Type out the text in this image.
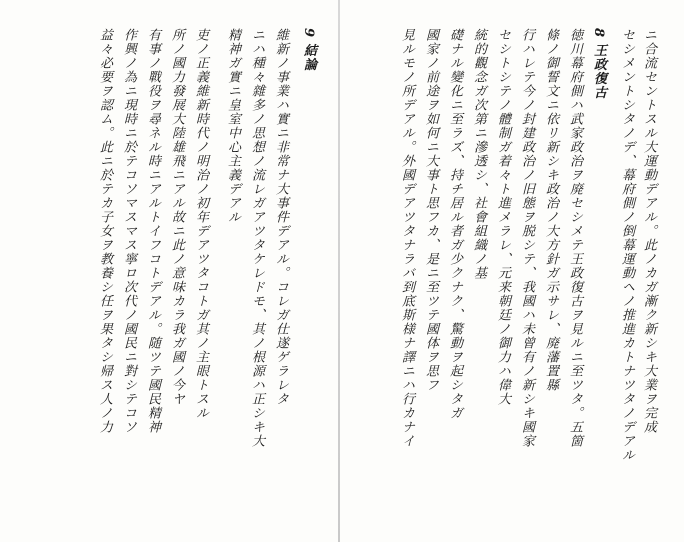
ニ合流セントスル大運動デアル。此ノカガ漸ク新シキ大業ヲ完成
セシメントシタノデ、幕府側ノ倒幕運動ヘノ推進カトナツタノデアル
8 王政復古
徳川幕府側ハ武家政治ヲ廃セシメテ王政復古ヲ見ルニ至ツタ。五箇
條ノ御誓文ニ依リ新シキ政治ノ大方針ガ示サレ、廃藩置縣
行ハレテ今ノ封建政治ノ旧態ヲ脱シテ、我國ハ未曾有ノ新シキ國家
セシトシテノ體制ガ着々ト進メラレ、元来朝廷ノ御力ハ偉大
統的觀念ガ次第ニ滲透シ、社會組織ノ基
礎ナル變化ニ至ラズ、持チ居ル者ガ少クナク、驚動ヲ起シタガ
國家ノ前途ヲ如何ニ大事ト思フカ、是ニ至ツテ國体ヲ思フ
見ルモノ所デアル。外國デアツタナラバ到底斯様ナ譯ニハ行カナイ
9 結論
維新ノ事業ハ實ニ非常ナ大事件デアル。コレガ仕遂ゲラレタ
ニハ種々雜多ノ思想ノ流レガアツタケレドモ、其ノ根源ハ正シキ大
精神ガ實ニ皇室中心主義デアル
吏ノ正義維新時代ノ明治ノ初年デアツタコトガ其ノ主眼トスル
所ノ國力發展大陸雄飛ニアル故ニ此ノ意味カラ我ガ國ノ今ヤ
有事ノ戰役ヲ尋ネル時ニアルトイフコトデアル。随ツテ國民精神
作興ノ為ニ現時ニ於テコソマスマス寧ロ次代ノ國民ニ對シテコソ
益々必要ヲ認ム。此ニ於テカ子女ヲ教養シ任ヲ果タシ帰ス人ノ力
